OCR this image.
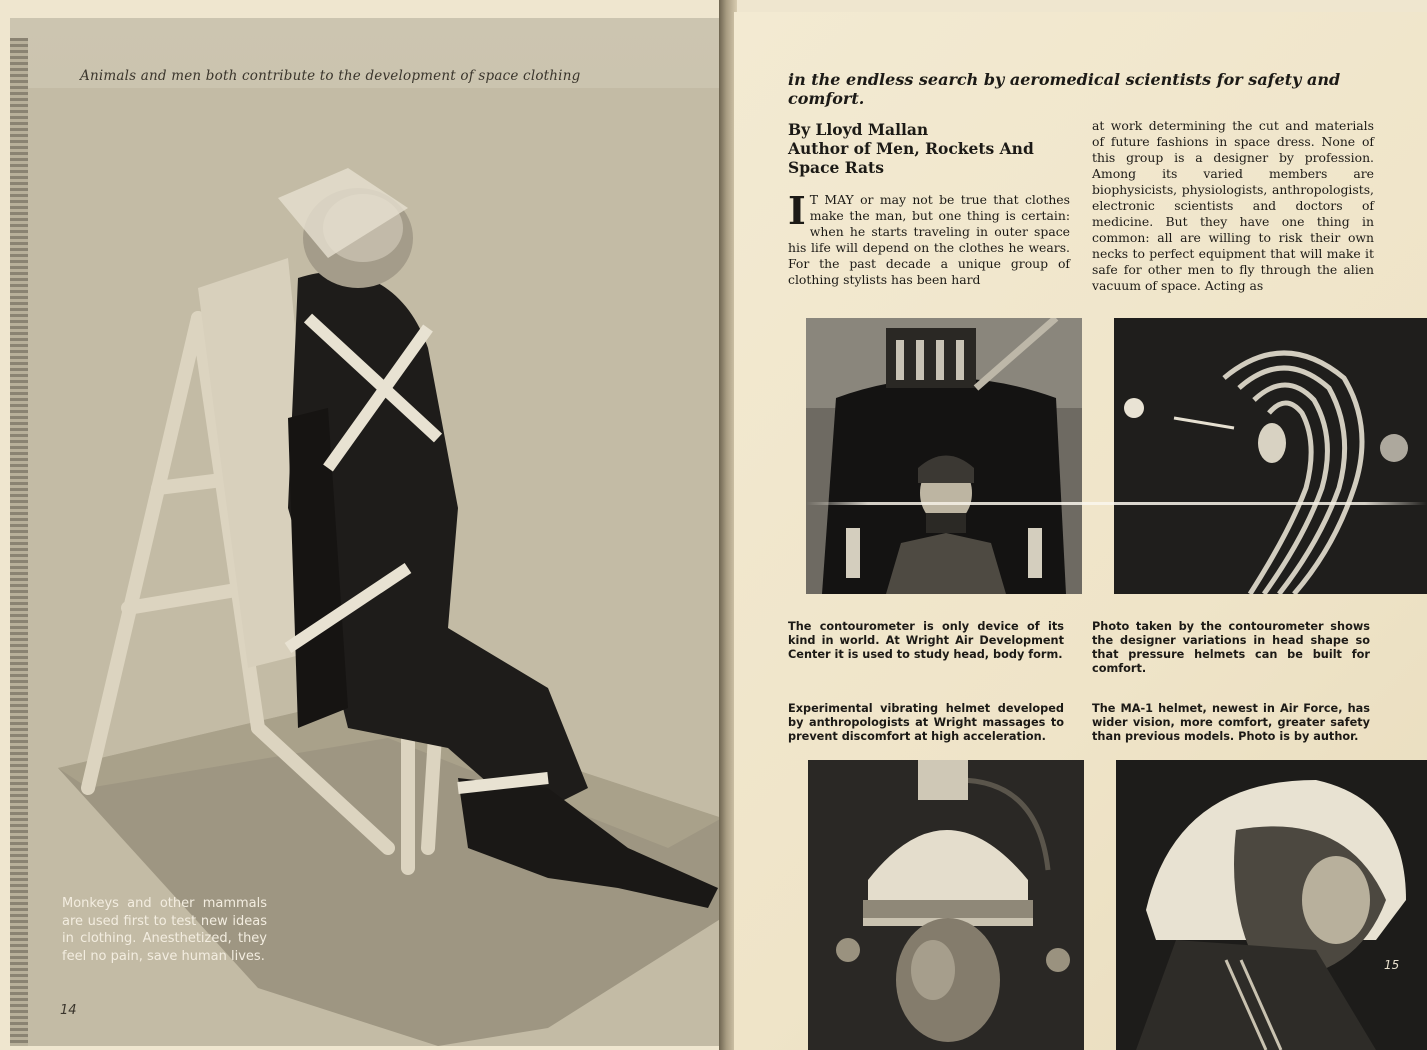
Animals and men both contribute to the development of space clothing
Monkeys and other mammals are used first to test new ideas in clothing. Anesthetized, they feel no pain, save human lives.
14
in the endless search by aeromedical scientists for safety and comfort.
By Lloyd Mallan
Author of Men, Rockets And
Space Rats
I T MAY or may not be true that clothes make the man, but one thing is certain: when he starts traveling in outer space his life will depend on the clothes he wears. For the past decade a unique group of clothing stylists has been hard
at work determining the cut and materials of future fashions in space dress. None of this group is a designer by profession. Among its varied members are biophysicists, physiologists, anthropologists, electronic scientists and doctors of medicine. But they have one thing in common: all are willing to risk their own necks to perfect equipment that will make it safe for other men to fly through the alien vacuum of space. Acting as
The contourometer is only device of its kind in world. At Wright Air Development Center it is used to study head, body form.
Photo taken by the contourometer shows the designer variations in head shape so that pressure helmets can be built for comfort.
Experimental vibrating helmet developed by anthropologists at Wright massages to prevent discomfort at high acceleration.
The MA-1 helmet, newest in Air Force, has wider vision, more comfort, greater safety than previous models. Photo is by author.
15
